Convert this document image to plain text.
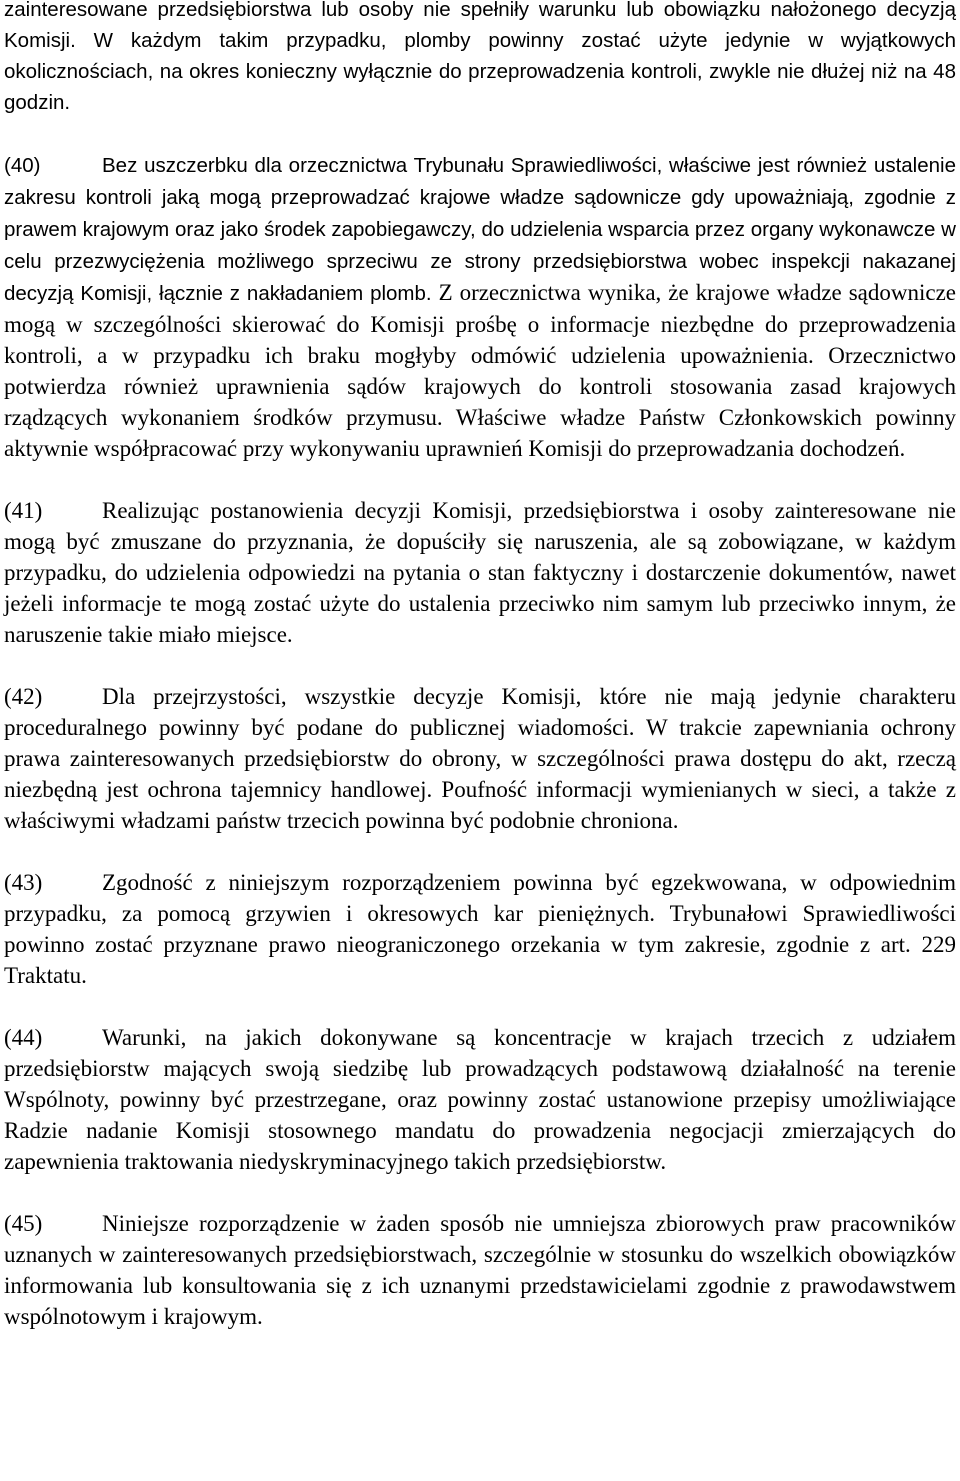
zainteresowane przedsiębiorstwa lub osoby nie spełniły warunku lub obowiązku nałożonego decyzją Komisji. W każdym takim przypadku, plomby powinny zostać użyte jedynie w wyjątkowych okolicznościach, na okres konieczny wyłącznie do przeprowadzenia kontroli, zwykle nie dłużej niż na 48 godzin.

(40)	Bez uszczerbku dla orzecznictwa Trybunału Sprawiedliwości, właściwe jest również ustalenie zakresu kontroli jaką mogą przeprowadzać krajowe władze sądownicze gdy upoważniają, zgodnie z prawem krajowym oraz jako środek zapobiegawczy, do udzielenia wsparcia przez organy wykonawcze w celu przezwyciężenia możliwego sprzeciwu ze strony przedsiębiorstwa wobec inspekcji nakazanej decyzją Komisji, łącznie z nakładaniem plomb. Z orzecznictwa wynika, że krajowe władze sądownicze mogą w szczególności skierować do Komisji prośbę o informacje niezbędne do przeprowadzenia kontroli, a w przypadku ich braku mogłyby odmówić udzielenia upoważnienia. Orzecznictwo potwierdza również uprawnienia sądów krajowych do kontroli stosowania zasad krajowych rządzących wykonaniem środków przymusu. Właściwe władze Państw Członkowskich powinny aktywnie współpracować przy wykonywaniu uprawnień Komisji do przeprowadzania dochodzeń.

(41)	Realizując postanowienia decyzji Komisji, przedsiębiorstwa i osoby zainteresowane nie mogą być zmuszane do przyznania, że dopuściły się naruszenia, ale są zobowiązane, w każdym przypadku, do udzielenia odpowiedzi na pytania o stan faktyczny i dostarczenie dokumentów, nawet jeżeli informacje te mogą zostać użyte do ustalenia przeciwko nim samym lub przeciwko innym, że naruszenie takie miało miejsce.

(42)	Dla przejrzystości, wszystkie decyzje Komisji, które nie mają jedynie charakteru proceduralnego powinny być podane do publicznej wiadomości. W trakcie zapewniania ochrony prawa zainteresowanych przedsiębiorstw do obrony, w szczególności prawa dostępu do akt, rzeczą niezbędną jest ochrona tajemnicy handlowej. Poufność informacji wymienianych w sieci, a także z właściwymi władzami państw trzecich powinna być podobnie chroniona.

(43)	Zgodność z niniejszym rozporządzeniem powinna być egzekwowana, w odpowiednim przypadku, za pomocą grzywien i okresowych kar pieniężnych. Trybunałowi Sprawiedliwości powinno zostać przyznane prawo nieograniczonego orzekania w tym zakresie, zgodnie z art. 229 Traktatu.

(44)	Warunki, na jakich dokonywane są koncentracje w krajach trzecich z udziałem przedsiębiorstw mających swoją siedzibę lub prowadzących podstawową działalność na terenie Wspólnoty, powinny być przestrzegane, oraz powinny zostać ustanowione przepisy umożliwiające Radzie nadanie Komisji stosownego mandatu do prowadzenia negocjacji zmierzających do zapewnienia traktowania niedyskryminacyjnego takich przedsiębiorstw.

(45)	Niniejsze rozporządzenie w żaden sposób nie umniejsza zbiorowych praw pracowników uznanych w zainteresowanych przedsiębiorstwach, szczególnie w stosunku do wszelkich obowiązków informowania lub konsultowania się z ich uznanymi przedstawicielami zgodnie z prawodawstwem wspólnotowym i krajowym.
